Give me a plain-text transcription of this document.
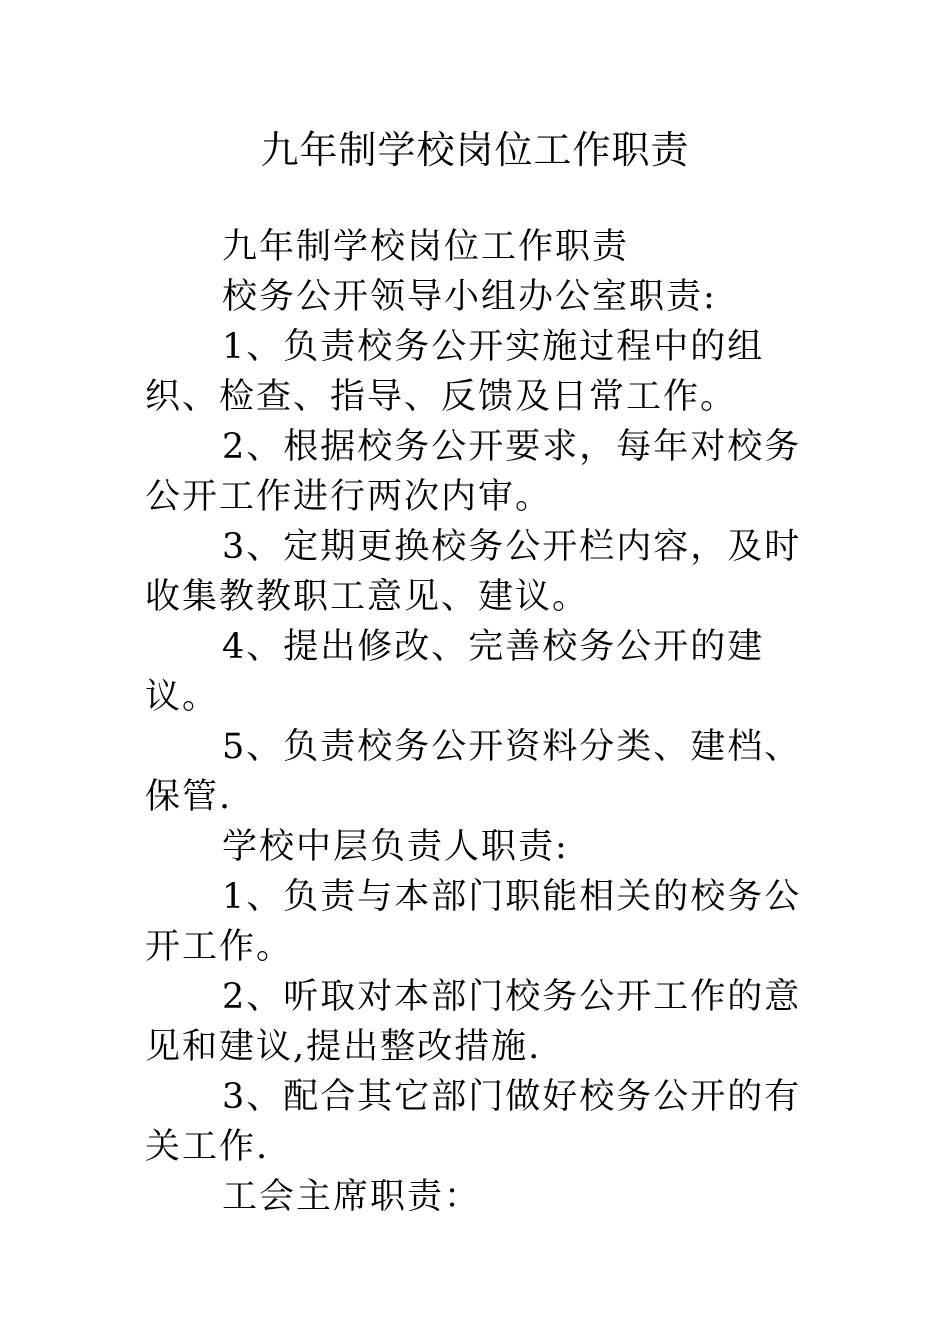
九年制学校岗位工作职责

九年制学校岗位工作职责

校务公开领导小组办公室职责:

1、负责校务公开实施过程中的组织、检查、指导、反馈及日常工作。

2、根据校务公开要求，每年对校务公开工作进行两次内审。

3、定期更换校务公开栏内容，及时收集教教职工意见、建议。

4、提出修改、完善校务公开的建议。

5、负责校务公开资料分类、建档、保管.

学校中层负责人职责:

1、负责与本部门职能相关的校务公开工作。

2、听取对本部门校务公开工作的意见和建议,提出整改措施.

3、配合其它部门做好校务公开的有关工作.

工会主席职责：
